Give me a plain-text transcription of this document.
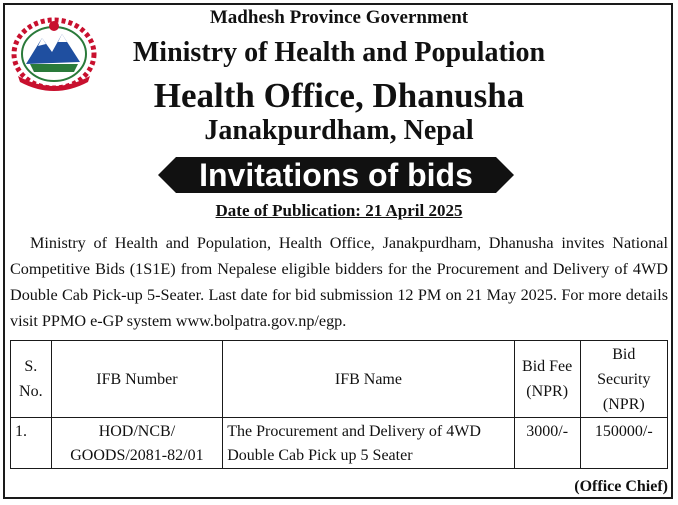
Madhesh Province Government
Ministry of Health and Population
Health Office, Dhanusha
Janakpurdham, Nepal
Invitations of bids
Date of Publication: 21 April 2025
Ministry of Health and Population, Health Office, Janakpurdham, Dhanusha invites National Competitive Bids (1S1E) from Nepalese eligible bidders for the Procurement and Delivery of 4WD Double Cab Pick-up 5-Seater. Last date for bid submission 12 PM on 21 May 2025. For more details visit PPMO e-GP system www.bolpatra.gov.np/egp.
S. No.	IFB Number	IFB Name	Bid Fee (NPR)	Bid Security (NPR)
1.	HOD/NCB/ GOODS/2081-82/01	The Procurement and Delivery of 4WD Double Cab Pick up 5 Seater	3000/-	150000/-
(Office Chief)
